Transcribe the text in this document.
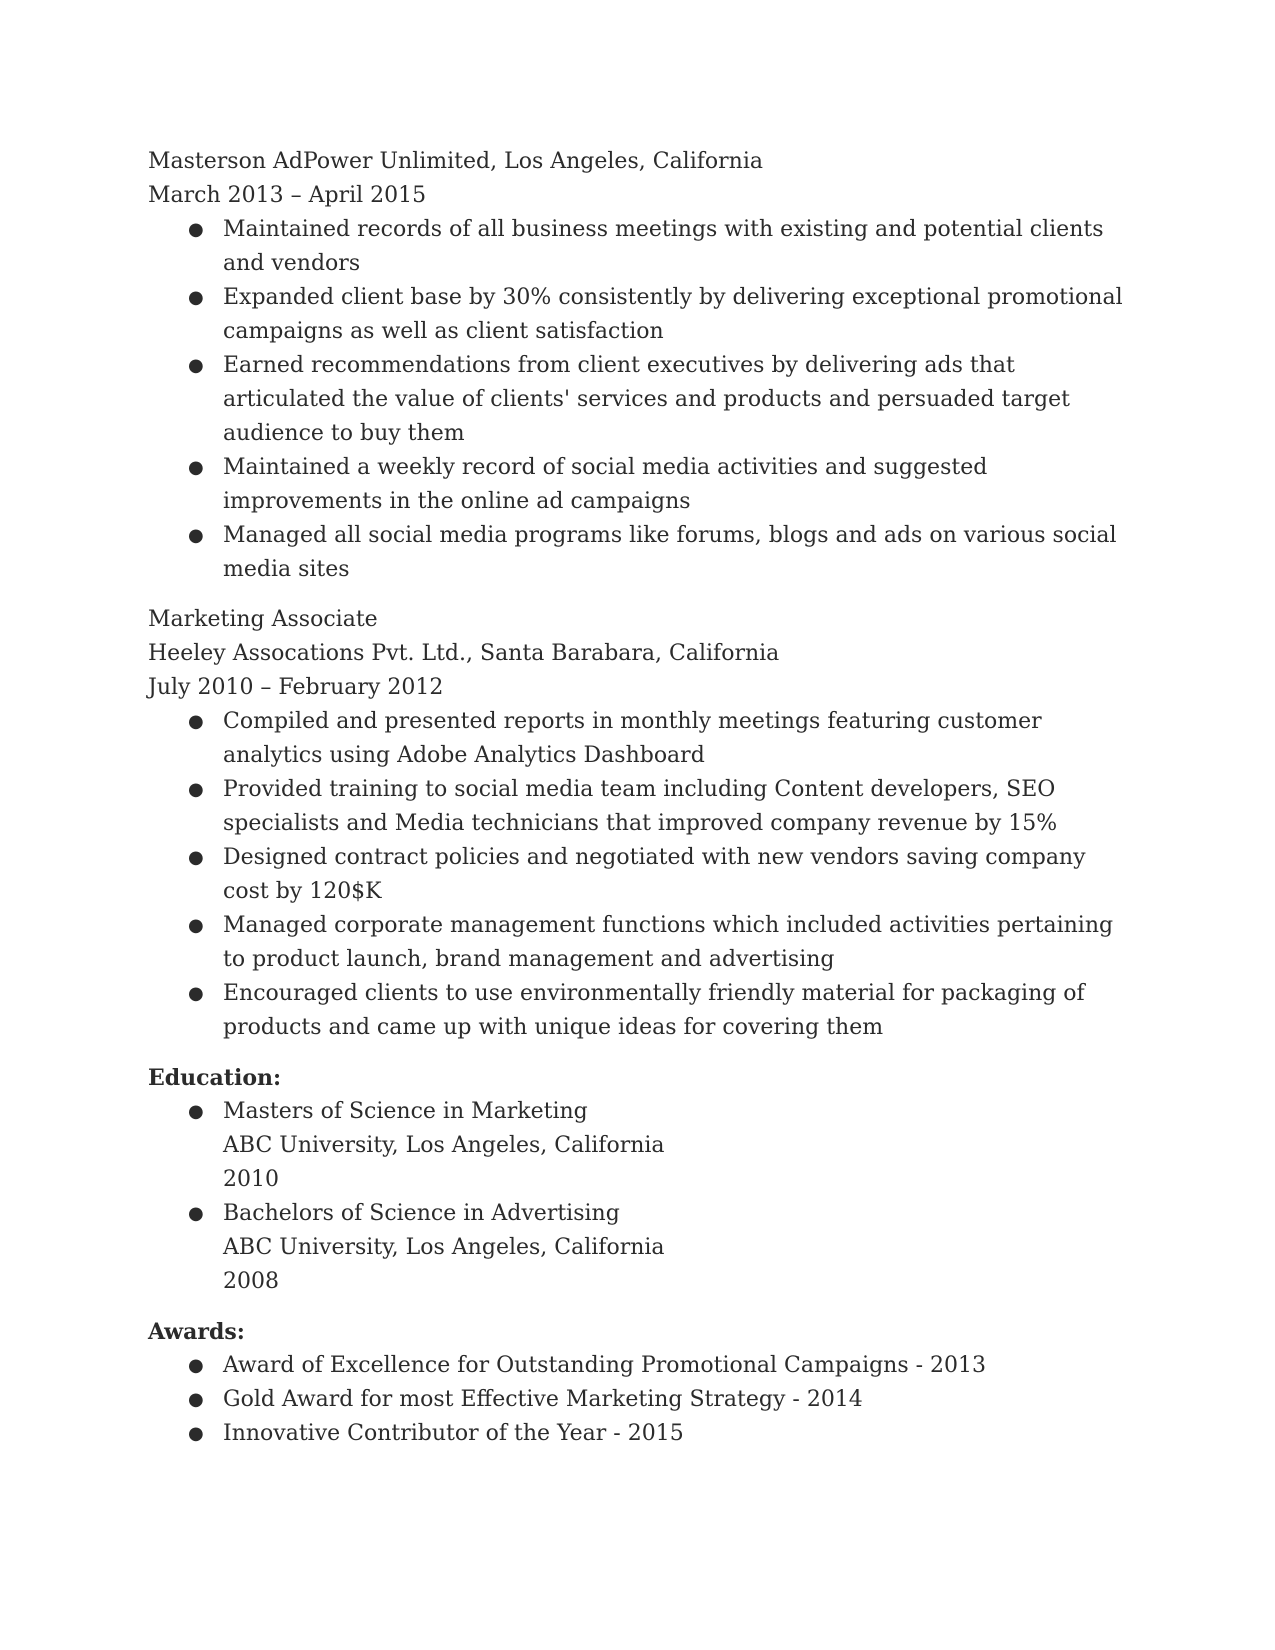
Masterson AdPower Unlimited, Los Angeles, California
March 2013 – April 2015
● Maintained records of all business meetings with existing and potential clients and vendors
● Expanded client base by 30% consistently by delivering exceptional promotional campaigns as well as client satisfaction
● Earned recommendations from client executives by delivering ads that articulated the value of clients' services and products and persuaded target audience to buy them
● Maintained a weekly record of social media activities and suggested improvements in the online ad campaigns
● Managed all social media programs like forums, blogs and ads on various social media sites
Marketing Associate
Heeley Assocations Pvt. Ltd., Santa Barabara, California
July 2010 – February 2012
● Compiled and presented reports in monthly meetings featuring customer analytics using Adobe Analytics Dashboard
● Provided training to social media team including Content developers, SEO specialists and Media technicians that improved company revenue by 15%
● Designed contract policies and negotiated with new vendors saving company cost by 120$K
● Managed corporate management functions which included activities pertaining to product launch, brand management and advertising
● Encouraged clients to use environmentally friendly material for packaging of products and came up with unique ideas for covering them
Education:
● Masters of Science in Marketing
ABC University, Los Angeles, California
2010
● Bachelors of Science in Advertising
ABC University, Los Angeles, California
2008
Awards:
● Award of Excellence for Outstanding Promotional Campaigns - 2013
● Gold Award for most Effective Marketing Strategy - 2014
● Innovative Contributor of the Year - 2015
